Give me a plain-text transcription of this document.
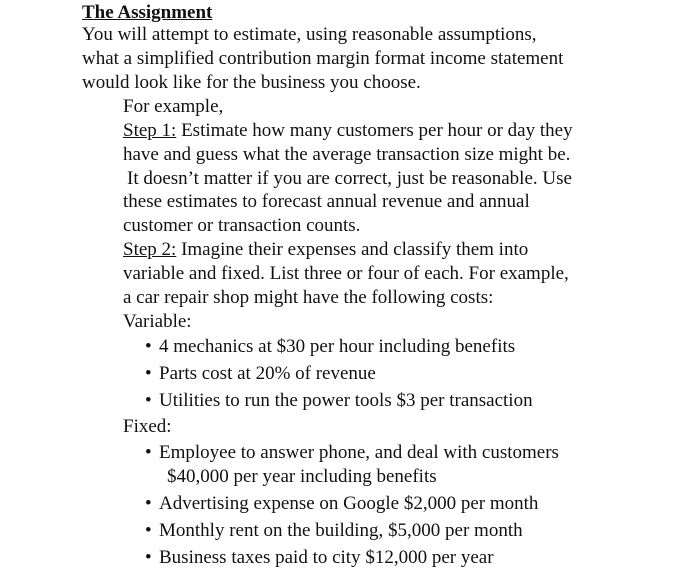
The Assignment
You will attempt to estimate, using reasonable assumptions,
what a simplified contribution margin format income statement
would look like for the business you choose.
For example,
Step 1: Estimate how many customers per hour or day they
have and guess what the average transaction size might be.
It doesn’t matter if you are correct, just be reasonable. Use
these estimates to forecast annual revenue and annual
customer or transaction counts.
Step 2: Imagine their expenses and classify them into
variable and fixed. List three or four of each. For example,
a car repair shop might have the following costs:
Variable:
• 4 mechanics at $30 per hour including benefits
• Parts cost at 20% of revenue
• Utilities to run the power tools $3 per transaction
Fixed:
• Employee to answer phone, and deal with customers
$40,000 per year including benefits
• Advertising expense on Google $2,000 per month
• Monthly rent on the building, $5,000 per month
• Business taxes paid to city $12,000 per year
